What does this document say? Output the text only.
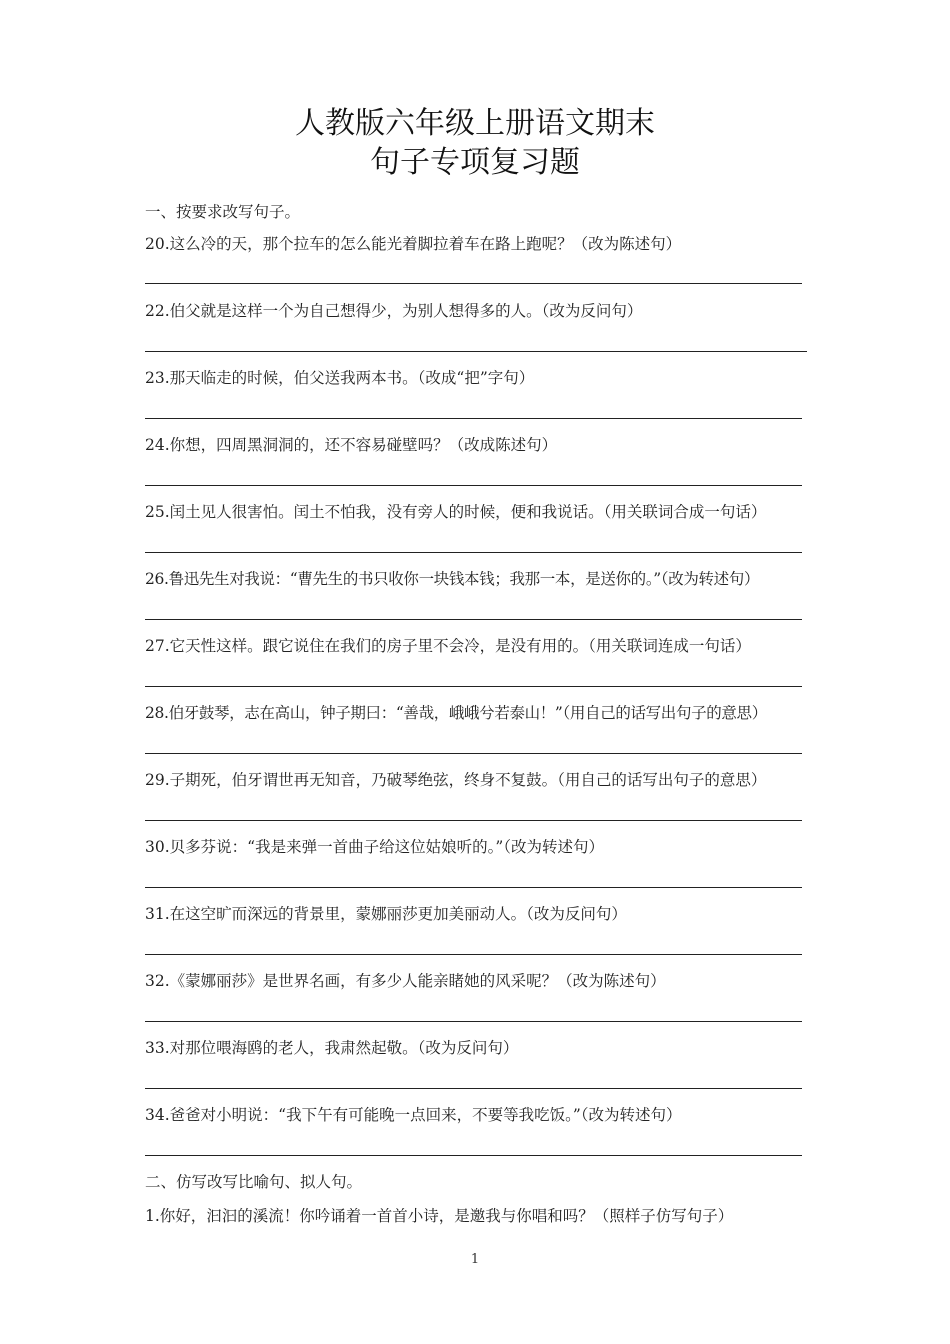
人教版六年级上册语文期末
句子专项复习题
一、按要求改写句子。
20.这么冷的天，那个拉车的怎么能光着脚拉着车在路上跑呢？（改为陈述句）
22.伯父就是这样一个为自己想得少，为别人想得多的人。（改为反问句）
23.那天临走的时候，伯父送我两本书。（改成“把”字句）
24.你想，四周黑洞洞的，还不容易碰壁吗？（改成陈述句）
25.闰土见人很害怕。闰土不怕我，没有旁人的时候，便和我说话。（用关联词合成一句话）
26.鲁迅先生对我说：“曹先生的书只收你一块钱本钱；我那一本，是送你的。”（改为转述句）
27.它天性这样。跟它说住在我们的房子里不会冷，是没有用的。（用关联词连成一句话）
28.伯牙鼓琴，志在高山，钟子期曰：“善哉，峨峨兮若泰山！”（用自己的话写出句子的意思）
29.子期死，伯牙谓世再无知音，乃破琴绝弦，终身不复鼓。（用自己的话写出句子的意思）
30.贝多芬说：“我是来弹一首曲子给这位姑娘听的。”（改为转述句）
31.在这空旷而深远的背景里，蒙娜丽莎更加美丽动人。（改为反问句）
32.《蒙娜丽莎》是世界名画，有多少人能亲睹她的风采呢？（改为陈述句）
33.对那位喂海鸥的老人，我肃然起敬。（改为反问句）
34.爸爸对小明说：“我下午有可能晚一点回来，不要等我吃饭。”（改为转述句）
二、仿写改写比喻句、拟人句。
1.你好，汩汩的溪流！你吟诵着一首首小诗，是邀我与你唱和吗？（照样子仿写句子）
1
